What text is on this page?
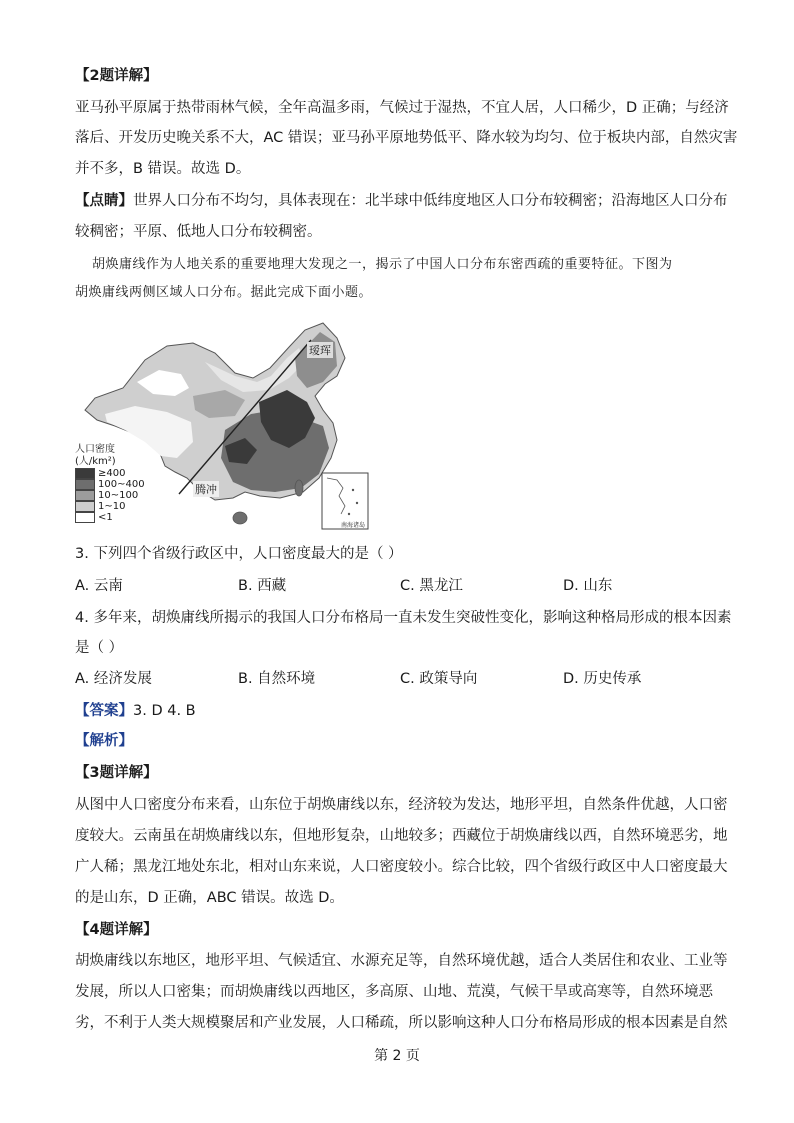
【2题详解】
亚马孙平原属于热带雨林气候，全年高温多雨，气候过于湿热，不宜人居，人口稀少，D 正确；与经济
落后、开发历史晚关系不大，AC 错误；亚马孙平原地势低平、降水较为均匀、位于板块内部，自然灾害
并不多，B 错误。故选 D。
【点睛】世界人口分布不均匀，具体表现在：北半球中低纬度地区人口分布较稠密；沿海地区人口分布
较稠密；平原、低地人口分布较稠密。
胡焕庸线作为人地关系的重要地理大发现之一，揭示了中国人口分布东密西疏的重要特征。下图为
胡焕庸线两侧区域人口分布。据此完成下面小题。
瑷珲
腾冲
南海诸岛
人口密度
(人/km²)
≥400
100~400
10~100
1~10
<1
3. 下列四个省级行政区中，人口密度最大的是（ ）
A. 云南	B. 西藏	C. 黑龙江	D. 山东
4. 多年来，胡焕庸线所揭示的我国人口分布格局一直未发生突破性变化，影响这种格局形成的根本因素
是（ ）
A. 经济发展	B. 自然环境	C. 政策导向	D. 历史传承
【答案】3. D 4. B
【解析】
【3题详解】
从图中人口密度分布来看，山东位于胡焕庸线以东，经济较为发达，地形平坦，自然条件优越，人口密
度较大。云南虽在胡焕庸线以东，但地形复杂，山地较多；西藏位于胡焕庸线以西，自然环境恶劣，地
广人稀；黑龙江地处东北，相对山东来说，人口密度较小。综合比较，四个省级行政区中人口密度最大
的是山东，D 正确，ABC 错误。故选 D。
【4题详解】
胡焕庸线以东地区，地形平坦、气候适宜、水源充足等，自然环境优越，适合人类居住和农业、工业等
发展，所以人口密集；而胡焕庸线以西地区，多高原、山地、荒漠，气候干旱或高寒等，自然环境恶
劣，不利于人类大规模聚居和产业发展，人口稀疏，所以影响这种人口分布格局形成的根本因素是自然
第 2 页
